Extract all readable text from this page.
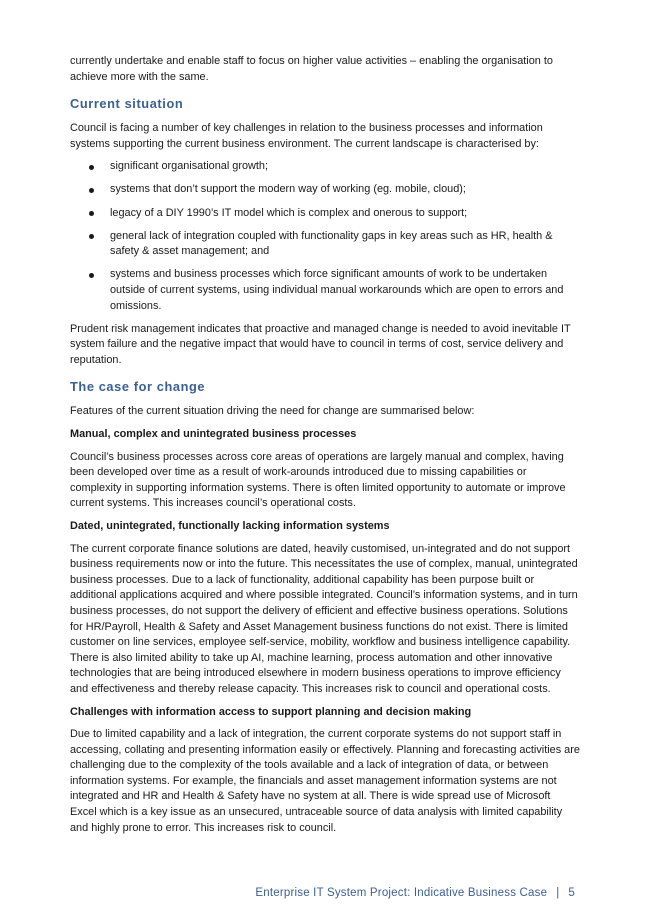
currently undertake and enable staff to focus on higher value activities – enabling the organisation to achieve more with the same.

Current situation

Council is facing a number of key challenges in relation to the business processes and information systems supporting the current business environment. The current landscape is characterised by:

significant organisational growth;
systems that don’t support the modern way of working (eg. mobile, cloud);
legacy of a DIY 1990’s IT model which is complex and onerous to support;
general lack of integration coupled with functionality gaps in key areas such as HR, health & safety & asset management; and
systems and business processes which force significant amounts of work to be undertaken outside of current systems, using individual manual workarounds which are open to errors and omissions.

Prudent risk management indicates that proactive and managed change is needed to avoid inevitable IT system failure and the negative impact that would have to council in terms of cost, service delivery and reputation.

The case for change

Features of the current situation driving the need for change are summarised below:

Manual, complex and unintegrated business processes

Council’s business processes across core areas of operations are largely manual and complex, having been developed over time as a result of work-arounds introduced due to missing capabilities or complexity in supporting information systems. There is often limited opportunity to automate or improve current systems. This increases council’s operational costs.

Dated, unintegrated, functionally lacking information systems

The current corporate finance solutions are dated, heavily customised, un-integrated and do not support business requirements now or into the future. This necessitates the use of complex, manual, unintegrated business processes. Due to a lack of functionality, additional capability has been purpose built or additional applications acquired and where possible integrated. Council’s information systems, and in turn business processes, do not support the delivery of efficient and effective business operations. Solutions for HR/Payroll, Health & Safety and Asset Management business functions do not exist. There is limited customer on line services, employee self-service, mobility, workflow and business intelligence capability. There is also limited ability to take up AI, machine learning, process automation and other innovative technologies that are being introduced elsewhere in modern business operations to improve efficiency and effectiveness and thereby release capacity. This increases risk to council and operational costs.

Challenges with information access to support planning and decision making

Due to limited capability and a lack of integration, the current corporate systems do not support staff in accessing, collating and presenting information easily or effectively. Planning and forecasting activities are challenging due to the complexity of the tools available and a lack of integration of data, or between information systems. For example, the financials and asset management information systems are not integrated and HR and Health & Safety have no system at all. There is wide spread use of Microsoft Excel which is a key issue as an unsecured, untraceable source of data analysis with limited capability and highly prone to error. This increases risk to council.

Enterprise IT System Project: Indicative Business Case | 5
